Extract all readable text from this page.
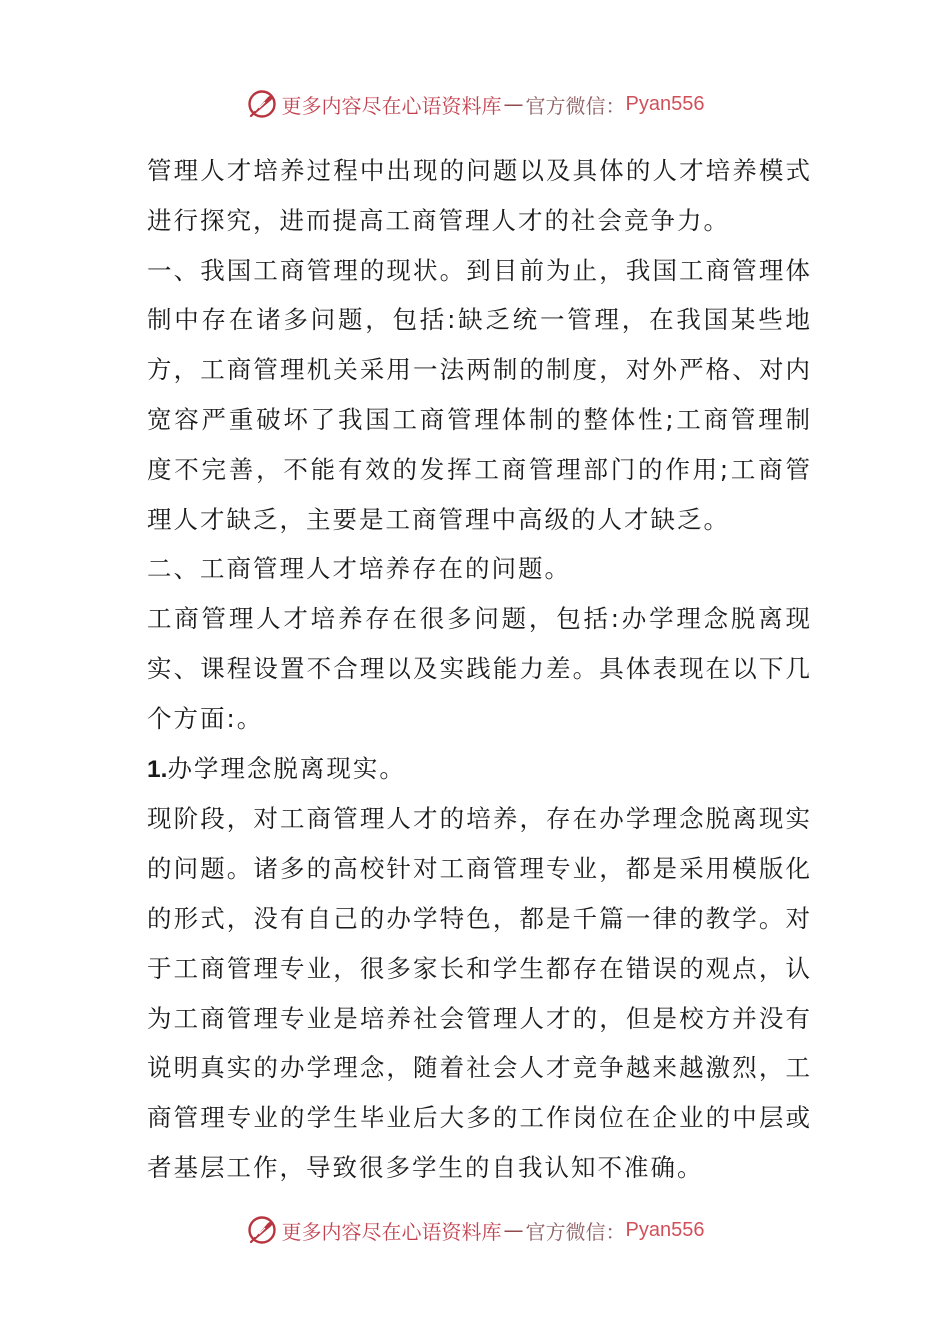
更多内容尽在心语资料库 — 官方微信： Pyan556

管理人才培养过程中出现的问题以及具体的人才培养模式进行探究，进而提高工商管理人才的社会竞争力。

一、我国工商管理的现状。到目前为止，我国工商管理体制中存在诸多问题，包括:缺乏统一管理，在我国某些地方，工商管理机关采用一法两制的制度，对外严格、对内宽容严重破坏了我国工商管理体制的整体性;工商管理制度不完善，不能有效的发挥工商管理部门的作用;工商管理人才缺乏，主要是工商管理中高级的人才缺乏。

二、工商管理人才培养存在的问题。

工商管理人才培养存在很多问题，包括:办学理念脱离现实、课程设置不合理以及实践能力差。具体表现在以下几个方面:。

1.办学理念脱离现实。

现阶段，对工商管理人才的培养，存在办学理念脱离现实的问题。诸多的高校针对工商管理专业，都是采用模版化的形式，没有自己的办学特色，都是千篇一律的教学。对于工商管理专业，很多家长和学生都存在错误的观点，认为工商管理专业是培养社会管理人才的，但是校方并没有说明真实的办学理念，随着社会人才竞争越来越激烈，工商管理专业的学生毕业后大多的工作岗位在企业的中层或者基层工作，导致很多学生的自我认知不准确。

更多内容尽在心语资料库 — 官方微信： Pyan556
